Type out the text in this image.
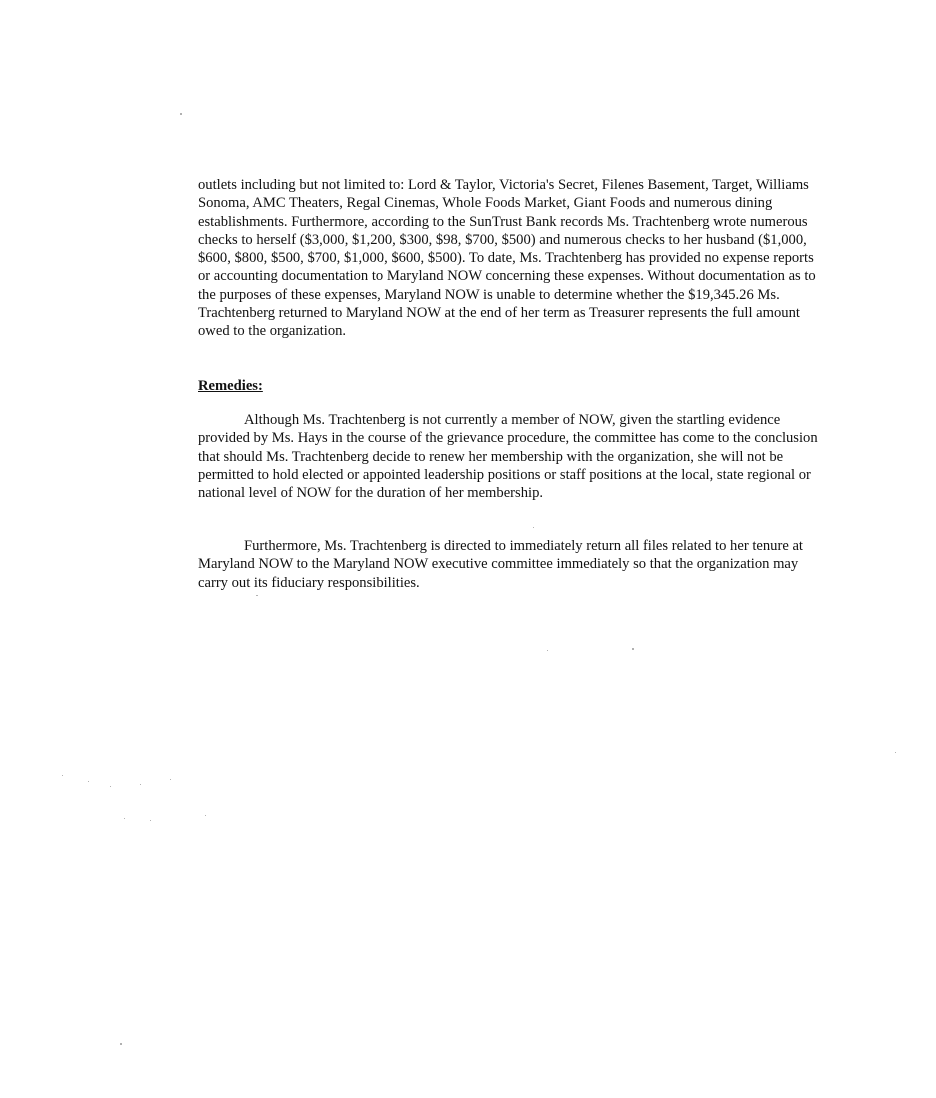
outlets including but not limited to: Lord & Taylor, Victoria's Secret, Filenes Basement, Target, Williams Sonoma, AMC Theaters, Regal Cinemas, Whole Foods Market, Giant Foods and numerous dining establishments. Furthermore, according to the SunTrust Bank records Ms. Trachtenberg wrote numerous checks to herself ($3,000, $1,200, $300, $98, $700, $500) and numerous checks to her husband ($1,000, $600, $800, $500, $700, $1,000, $600, $500). To date, Ms. Trachtenberg has provided no expense reports or accounting documentation to Maryland NOW concerning these expenses. Without documentation as to the purposes of these expenses, Maryland NOW is unable to determine whether the $19,345.26 Ms. Trachtenberg returned to Maryland NOW at the end of her term as Treasurer represents the full amount owed to the organization.
Remedies:
Although Ms. Trachtenberg is not currently a member of NOW, given the startling evidence provided by Ms. Hays in the course of the grievance procedure, the committee has come to the conclusion that should Ms. Trachtenberg decide to renew her membership with the organization, she will not be permitted to hold elected or appointed leadership positions or staff positions at the local, state regional or national level of NOW for the duration of her membership.
Furthermore, Ms. Trachtenberg is directed to immediately return all files related to her tenure at Maryland NOW to the Maryland NOW executive committee immediately so that the organization may carry out its fiduciary responsibilities.
